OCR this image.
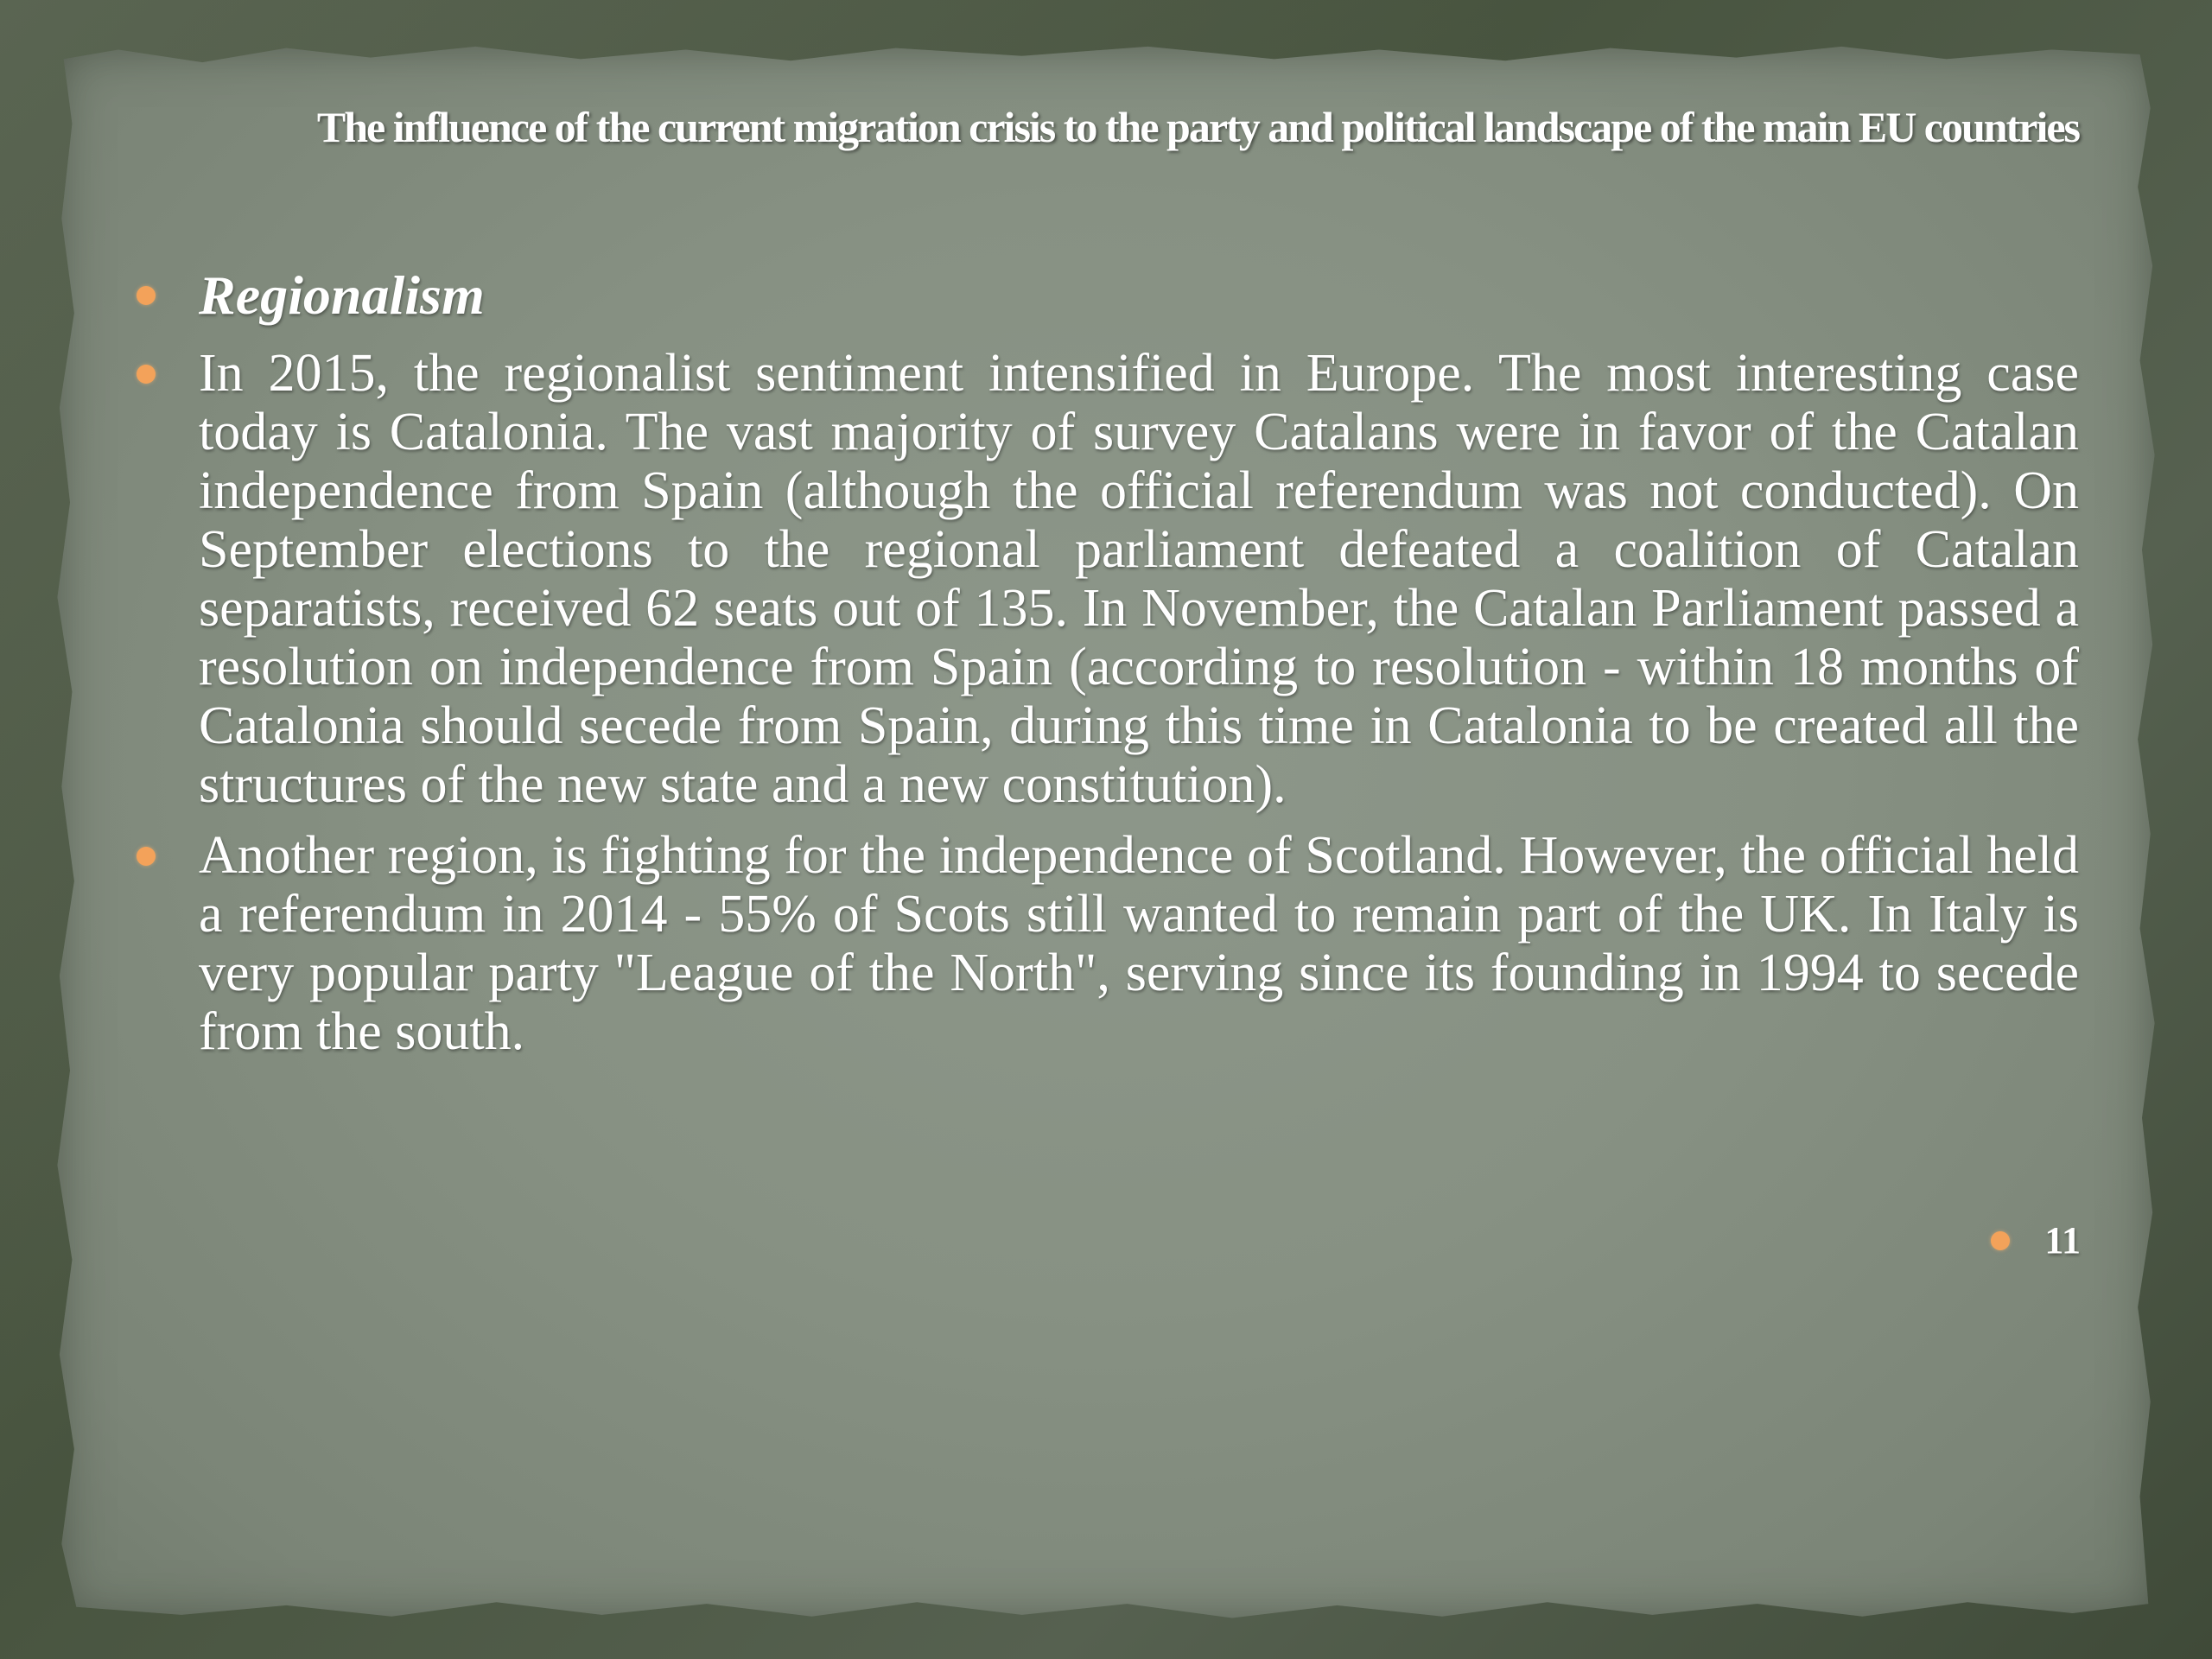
The influence of the current migration crisis to the party and political landscape of the main EU countries
Regionalism
In 2015, the regionalist sentiment intensified in Europe. The most interesting case today is Catalonia. The vast majority of survey Catalans were in favor of the Catalan independence from Spain (although the official referendum was not conducted). On September elections to the regional parliament defeated a coalition of Catalan separatists, received 62 seats out of 135. In November, the Catalan Parliament passed a resolution on independence from Spain (according to resolution - within 18 months of Catalonia should secede from Spain, during this time in Catalonia to be created all the structures of the new state and a new constitution).
Another region, is fighting for the independence of Scotland. However, the official held a referendum in 2014 - 55% of Scots still wanted to remain part of the UK. In Italy is very popular party "League of the North", serving since its founding in 1994 to secede from the south.
11
